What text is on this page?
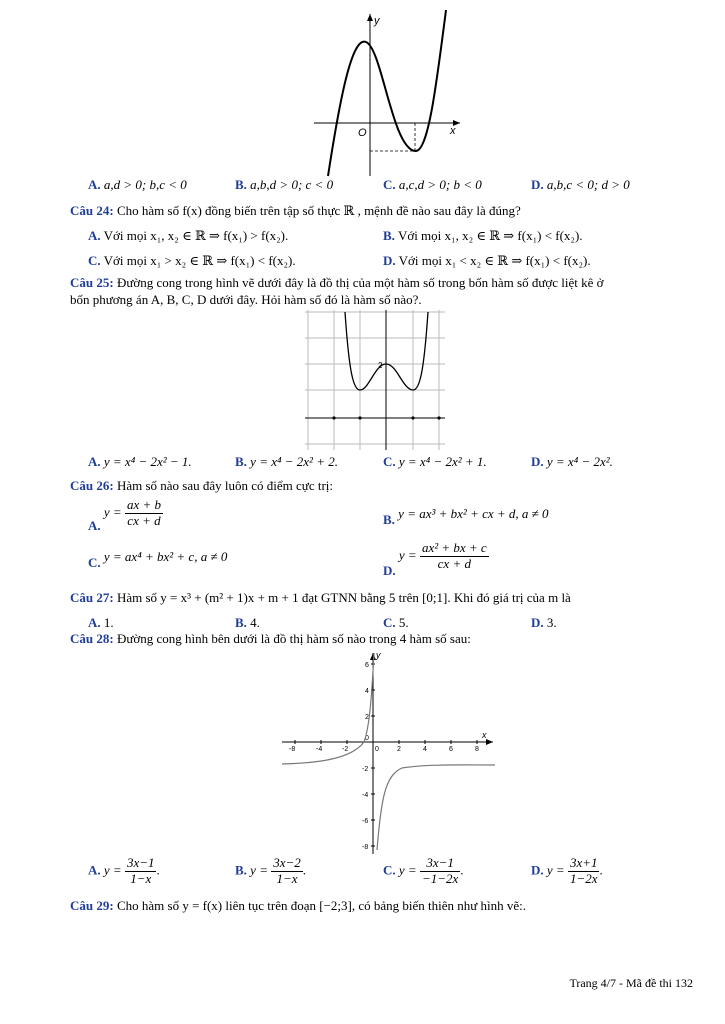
y
x
O
A. a,d > 0; b,c < 0	B. a,b,d > 0; c < 0	C. a,c,d > 0; b < 0	D. a,b,c < 0; d > 0
Câu 24: Cho hàm số f(x) đồng biến trên tập số thực ℝ , mệnh đề nào sau đây là đúng?
A. Với mọi x₁, x₂ ∈ ℝ ⇒ f(x₁) > f(x₂).	B. Với mọi x₁, x₂ ∈ ℝ ⇒ f(x₁) < f(x₂).
C. Với mọi x₁ > x₂ ∈ ℝ ⇒ f(x₁) < f(x₂).	D. Với mọi x₁ < x₂ ∈ ℝ ⇒ f(x₁) < f(x₂).
Câu 25: Đường cong trong hình vẽ dưới đây là đồ thị của một hàm số trong bốn hàm số được liệt kê ở
bốn phương án A, B, C, D dưới đây. Hỏi hàm số đó là hàm số nào?.
2
A. y = x⁴ − 2x² − 1.	B. y = x⁴ − 2x² + 2.	C. y = x⁴ − 2x² + 1.	D. y = x⁴ − 2x².
Câu 26: Hàm số nào sau đây luôn có điểm cực trị:
A. $y = \frac{ax + b}{cx + d}$	B. y = ax³ + bx² + cx + d, a ≠ 0
C. y = ax⁴ + bx² + c, a ≠ 0
D. $y = \frac{\text{ax² + bx + c}}{cx + d}$
Câu 27: Hàm số y = x³ + (m² + 1)x + m + 1 đạt GTNN bằng 5 trên [0;1]. Khi đó giá trị của m là
A. 1.	B. 4.	C. 5.	D. 3.
Câu 28: Đường cong hình bên dưới là đồ thị hàm số nào trong 4 hàm số sau:
-8	-4	-2	0	2	4	6	8
6
4
2
0
-2
-4
-6
-8
x
y
A. $y = \frac{3x-1}{1-x}$ .	B. $y = \frac{3x-2}{1-x}$ .	C. $y = \frac{3x-1}{-1-2x}$ .	D. $y = \frac{3x+1}{1-2x}$ .
Câu 29: Cho hàm số y = f(x) liên tục trên đoạn [−2;3], có bảng biến thiên như hình vẽ:.
Trang 4/7 - Mã đề thi 132
